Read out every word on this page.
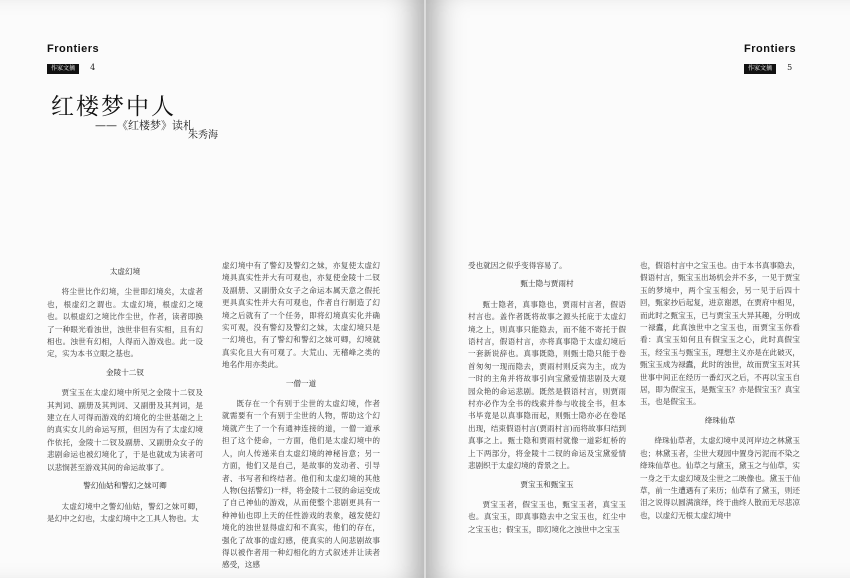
Frontiers
作家文摘 4
红楼梦中人
——《红楼梦》读札
朱秀海

太虚幻境

将尘世比作幻境，尘世即幻境矣，太虚者也，根虚幻之谓也。太虚幻境，根虚幻之境也。以根虚幻之境比作尘世，作者，读者即换了一种眼光看浊世，浊世非但有实相，且有幻相也。浊世有幻相，人得而入游戏也。此一设定，实为本书立眼之基也。

金陵十二钗

贾宝玉在太虚幻境中所见之金陵十二钗及其判词、副册及其判词、又副册及其判词，是建立在人可得而游戏的幻境化的尘世基础之上的真实女儿的命运写照，但因为有了太虚幻境作依托，金陵十二钗及副册、又副册众女子的悲剧命运也被幻境化了，于是也就成为读者可以悲悯甚至游戏其间的命运故事了。

警幻仙姑和警幻之妹可卿

太虚幻境中之警幻仙姑，警幻之妹可卿，是幻中之幻也，太虚幻境中之工具人物也。太

虚幻境中有了警幻及警幻之妹，亦复使太虚幻境具真实性并大有可观也，亦复使金陵十二钗及副册、又副册众女子之命运本属天意之假托更具真实性并大有可观也，作者自行制造了幻境之后就有了一个任务，即将幻境真实化并确实可观，没有警幻及警幻之妹，太虚幻境只是一幻境也，有了警幻和警幻之妹可卿，幻境就真实化且大有可观了。大荒山、无稽峰之类的地名作用亦类此。

一僧一道

既存在一个有别于尘世的太虚幻境，作者就需要有一个有别于尘世的人物，帮助这个幻境就产生了一个有通神连接的道，一僧一道承担了这个使命，一方面，他们是太虚幻境中的人，向人传递来自太虚幻境的神秘旨意；另一方面，他们又是自己，是故事的发动者、引导者、书写者和终结者。他们和太虚幻境的其他人物(包括警幻)一样，将金陵十二钗的命运变成了自己神仙的游戏，从而使整个悲剧更具有一种神仙也即上天的任性游戏的表象，越发使幻境化的浊世显得虚幻和不真实，他们的存在，强化了故事的虚幻感，使真实的人间悲剧故事得以被作者用一种幻相化的方式叙述并让读者感受，这感

Frontiers
作家文摘 5

受也就因之似乎变得容易了。

甄士隐与贾雨村

甄士隐者，真事隐也，贾雨村言者，假语村言也。盖作者既将故事之源头托庇于太虚幻境之上，则真事只能隐去，而不能不寄托于假语村言，假语村言，亦将真事隐于太虚幻境后一套新说辞也。真事既隐，则甄士隐只能于卷首匆匆一现而隐去，贾雨村则反宾为主，成为一时的主角并将故事引向宝黛爱情悲剧及大观园众艳的命运悲剧。既然是假语村言，则贾雨村亦必作为全书的线索并参与收拢全书，但本书毕竟是以真事隐而起，则甄士隐亦必在卷尾出现，结束假语村言(贾雨村言)而将故事归结到真事之上。甄士隐和贾雨村就像一道彩虹桥的上下两部分，将金陵十二钗的命运及宝黛爱情悲剧织于太虚幻境的背景之上。

贾宝玉和甄宝玉

贾宝玉者，假宝玉也，甄宝玉者，真宝玉也。真宝玉，即真事隐去中之宝玉也，红尘中之宝玉也；假宝玉，即幻境化之浊世中之宝玉

也，假语村言中之宝玉也。由于本书真事隐去，假语村言，甄宝玉出场机会并不多，一见于贾宝玉的梦境中，两个宝玉相会，另一见于后四十回，甄家抄后起复，进京谢恩，在贾府中相见，而此时之甄宝玉，已与贾宝玉大异其趣，分明成一禄蠹，此真浊世中之宝玉也，而贾宝玉你看看：真宝玉如何且有假宝玉之心，此时真假宝玉，经宝玉与甄宝玉，理想主义亦是在此破灭，甄宝玉成为禄蠹，此时的浊世，故而贾宝玉对其世事中间正在经历一番幻灭之后，不再以宝玉自居，即为假宝玉，是甄宝玉？亦是假宝玉？真宝玉，也是假宝玉。

绛珠仙草

绛珠仙草者，太虚幻境中灵河岸边之林黛玉也；林黛玉者，尘世大观园中置身污泥而不染之绛珠仙草也。仙草之与黛玉，黛玉之与仙草，实一身之于太虚幻境及尘世之二映像也。黛玉于仙草，前一生遭遇有了来历；仙草有了黛玉，则还泪之说得以圆满演绎，终于曲终人散而无尽悲凉也，以虚幻无根太虚幻境中
